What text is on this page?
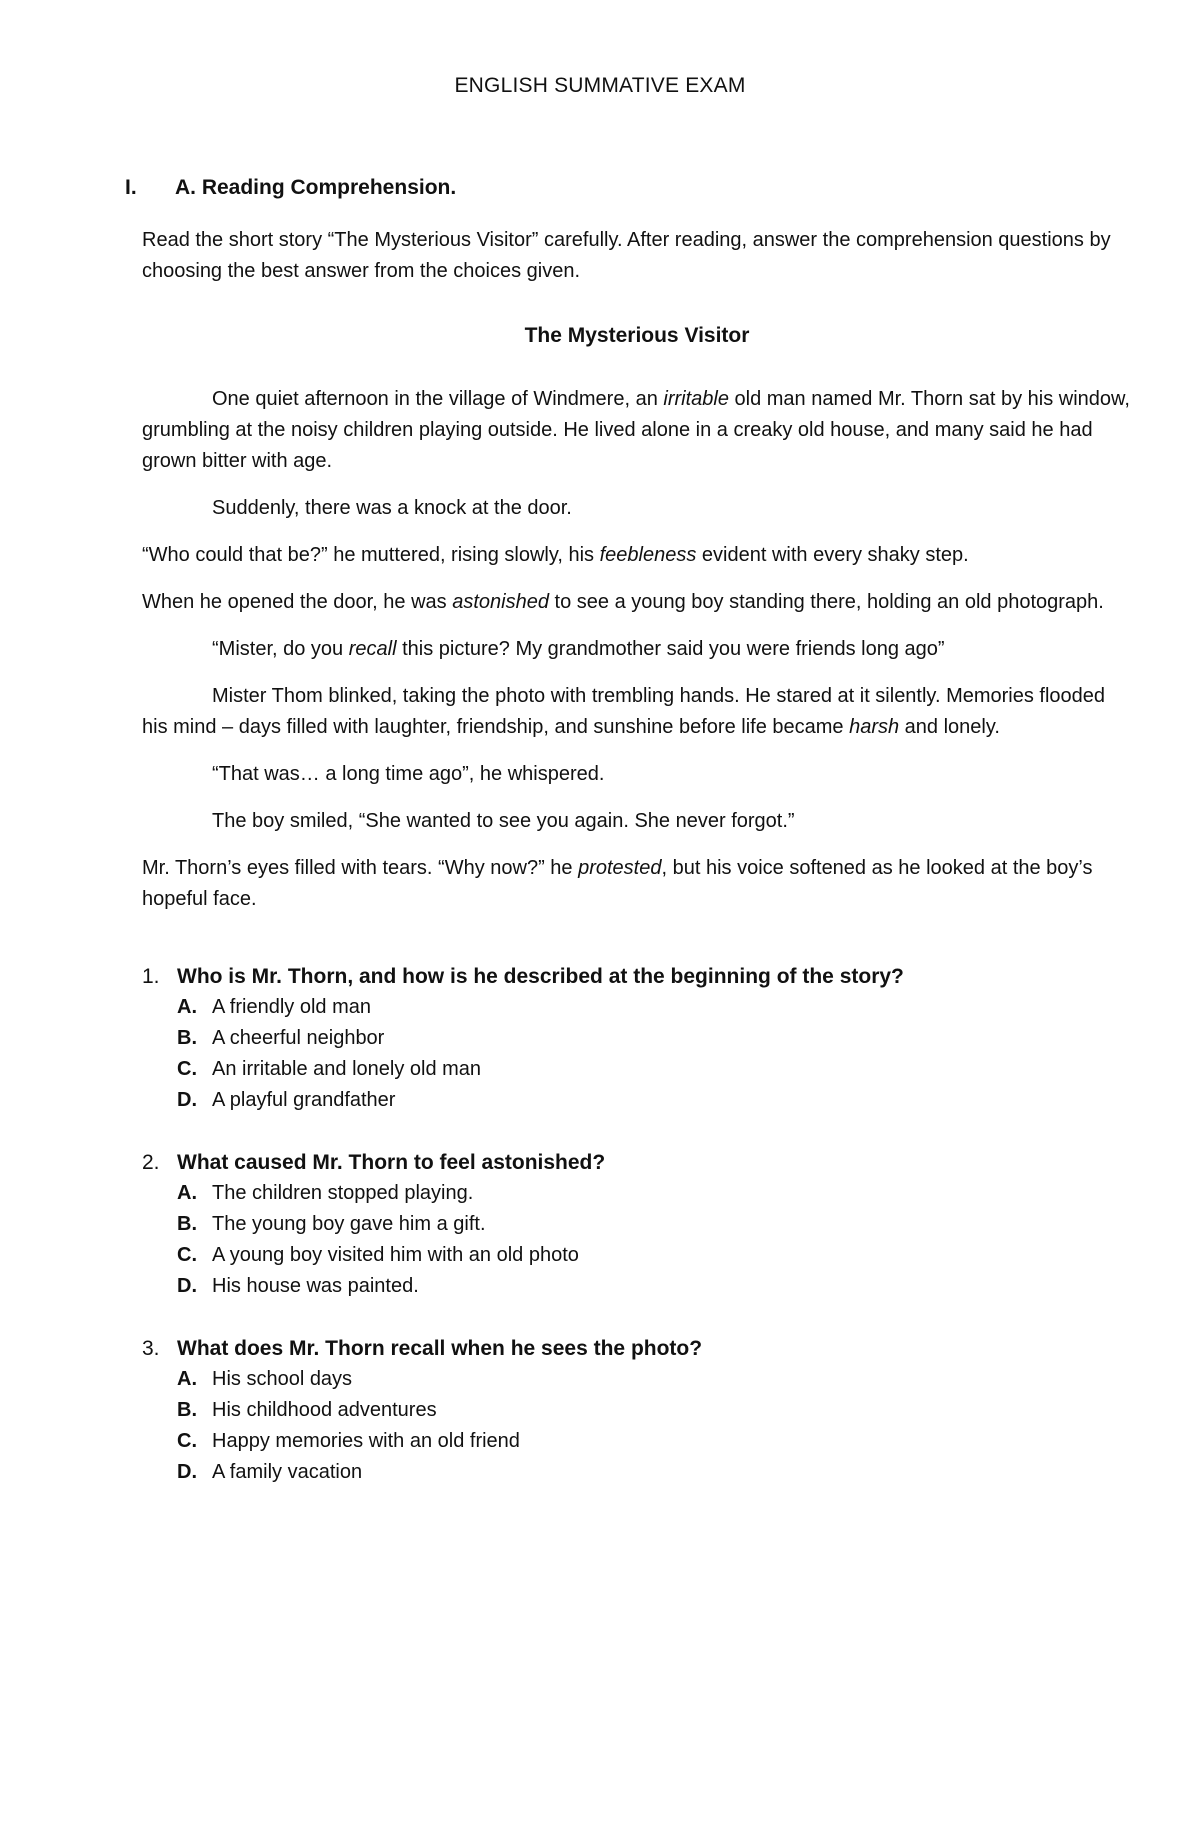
ENGLISH SUMMATIVE EXAM
I. A. Reading Comprehension.

Read the short story “The Mysterious Visitor” carefully. After reading, answer the comprehension questions by choosing the best answer from the choices given.

The Mysterious Visitor

One quiet afternoon in the village of Windmere, an irritable old man named Mr. Thorn sat by his window, grumbling at the noisy children playing outside. He lived alone in a creaky old house, and many said he had grown bitter with age.

Suddenly, there was a knock at the door.

“Who could that be?” he muttered, rising slowly, his feebleness evident with every shaky step.

When he opened the door, he was astonished to see a young boy standing there, holding an old photograph.

“Mister, do you recall this picture? My grandmother said you were friends long ago”

Mister Thom blinked, taking the photo with trembling hands. He stared at it silently. Memories flooded his mind – days filled with laughter, friendship, and sunshine before life became harsh and lonely.

“That was… a long time ago”, he whispered.

The boy smiled, “She wanted to see you again. She never forgot.”

Mr. Thorn’s eyes filled with tears. “Why now?” he protested, but his voice softened as he looked at the boy’s hopeful face.

1. Who is Mr. Thorn, and how is he described at the beginning of the story?
A. A friendly old man
B. A cheerful neighbor
C. An irritable and lonely old man
D. A playful grandfather
2. What caused Mr. Thorn to feel astonished?
A. The children stopped playing.
B. The young boy gave him a gift.
C. A young boy visited him with an old photo
D. His house was painted.
3. What does Mr. Thorn recall when he sees the photo?
A. His school days
B. His childhood adventures
C. Happy memories with an old friend
D. A family vacation
